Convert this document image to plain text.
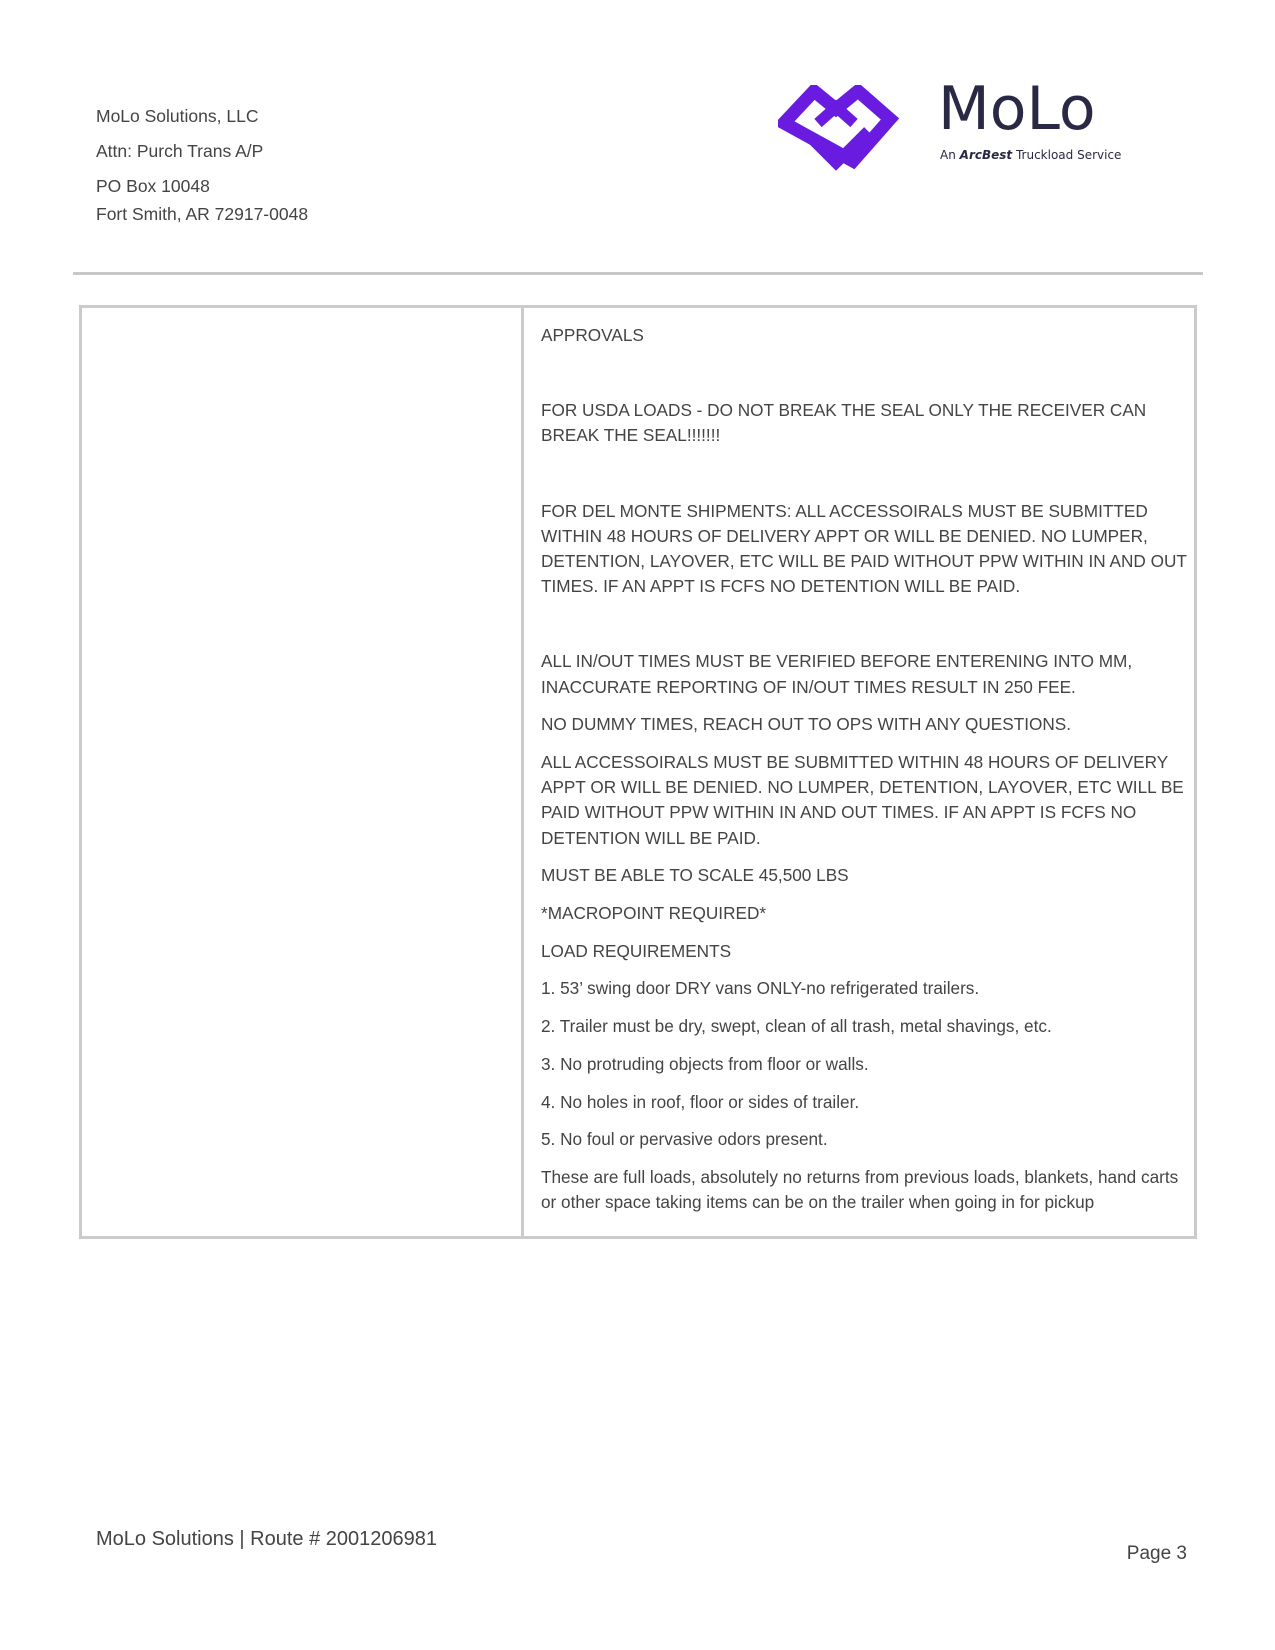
MoLo Solutions, LLC
Attn: Purch Trans A/P
PO Box 10048
Fort Smith, AR 72917-0048
MoLo
An ArcBest Truckload Service

APPROVALS

FOR USDA LOADS - DO NOT BREAK THE SEAL ONLY THE RECEIVER CAN BREAK THE SEAL!!!!!!!

FOR DEL MONTE SHIPMENTS: ALL ACCESSOIRALS MUST BE SUBMITTED WITHIN 48 HOURS OF DELIVERY APPT OR WILL BE DENIED. NO LUMPER, DETENTION, LAYOVER, ETC WILL BE PAID WITHOUT PPW WITHIN IN AND OUT TIMES. IF AN APPT IS FCFS NO DETENTION WILL BE PAID.

ALL IN/OUT TIMES MUST BE VERIFIED BEFORE ENTERENING INTO MM, INACCURATE REPORTING OF IN/OUT TIMES RESULT IN 250 FEE.

NO DUMMY TIMES, REACH OUT TO OPS WITH ANY QUESTIONS.

ALL ACCESSOIRALS MUST BE SUBMITTED WITHIN 48 HOURS OF DELIVERY APPT OR WILL BE DENIED. NO LUMPER, DETENTION, LAYOVER, ETC WILL BE PAID WITHOUT PPW WITHIN IN AND OUT TIMES. IF AN APPT IS FCFS NO DETENTION WILL BE PAID.

MUST BE ABLE TO SCALE 45,500 LBS

*MACROPOINT REQUIRED*

LOAD REQUIREMENTS

1. 53’ swing door DRY vans ONLY-no refrigerated trailers.

2. Trailer must be dry, swept, clean of all trash, metal shavings, etc.

3. No protruding objects from floor or walls.

4. No holes in roof, floor or sides of trailer.

5. No foul or pervasive odors present.

These are full loads, absolutely no returns from previous loads, blankets, hand carts or other space taking items can be on the trailer when going in for pickup

MoLo Solutions | Route # 2001206981
Page 3
